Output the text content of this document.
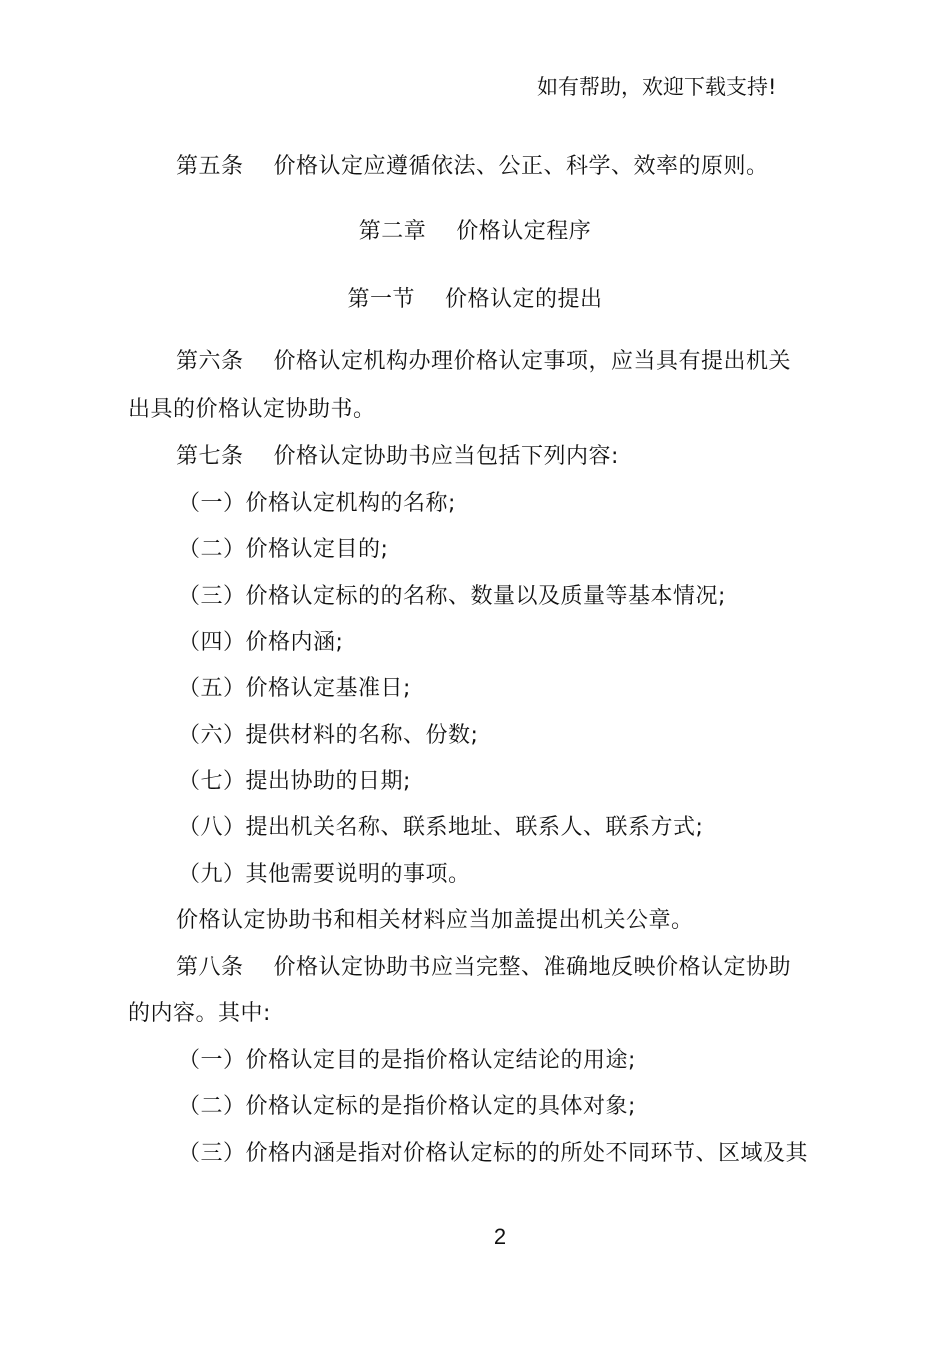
如有帮助，欢迎下载支持!
第五条 价格认定应遵循依法、公正、科学、效率的原则。
第二章 价格认定程序
第一节 价格认定的提出
第六条 价格认定机构办理价格认定事项，应当具有提出机关
出具的价格认定协助书。
第七条 价格认定协助书应当包括下列内容:
（一）价格认定机构的名称;
（二）价格认定目的;
（三）价格认定标的的名称、数量以及质量等基本情况;
（四）价格内涵;
（五）价格认定基准日;
（六）提供材料的名称、份数;
（七）提出协助的日期;
（八）提出机关名称、联系地址、联系人、联系方式;
（九）其他需要说明的事项。
价格认定协助书和相关材料应当加盖提出机关公章。
第八条 价格认定协助书应当完整、准确地反映价格认定协助
的内容。其中:
（一）价格认定目的是指价格认定结论的用途;
（二）价格认定标的是指价格认定的具体对象;
（三）价格内涵是指对价格认定标的的所处不同环节、区域及其
2
